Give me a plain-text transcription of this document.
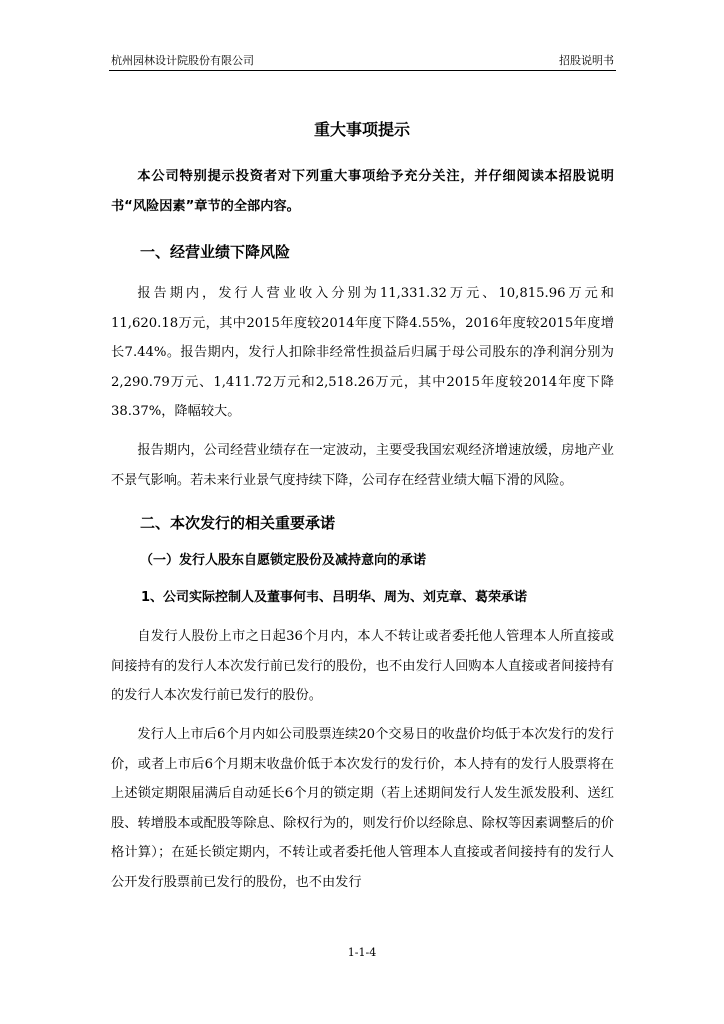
杭州园林设计院股份有限公司	招股说明书
重大事项提示

本公司特别提示投资者对下列重大事项给予充分关注，并仔细阅读本招股说明书“风险因素”章节的全部内容。

一、经营业绩下降风险

报告期内，发行人营业收入分别为11,331.32万元、10,815.96万元和11,620.18万元，其中2015年度较2014年度下降4.55%，2016年度较2015年度增长7.44%。报告期内，发行人扣除非经常性损益后归属于母公司股东的净利润分别为2,290.79万元、1,411.72万元和2,518.26万元，其中2015年度较2014年度下降38.37%，降幅较大。

报告期内，公司经营业绩存在一定波动，主要受我国宏观经济增速放缓，房地产业不景气影响。若未来行业景气度持续下降，公司存在经营业绩大幅下滑的风险。

二、本次发行的相关重要承诺

（一）发行人股东自愿锁定股份及减持意向的承诺

1、公司实际控制人及董事何韦、吕明华、周为、刘克章、葛荣承诺

自发行人股份上市之日起36个月内，本人不转让或者委托他人管理本人所直接或间接持有的发行人本次发行前已发行的股份，也不由发行人回购本人直接或者间接持有的发行人本次发行前已发行的股份。

发行人上市后6个月内如公司股票连续20个交易日的收盘价均低于本次发行的发行价，或者上市后6个月期末收盘价低于本次发行的发行价，本人持有的发行人股票将在上述锁定期限届满后自动延长6个月的锁定期（若上述期间发行人发生派发股利、送红股、转增股本或配股等除息、除权行为的，则发行价以经除息、除权等因素调整后的价格计算）；在延长锁定期内，不转让或者委托他人管理本人直接或者间接持有的发行人公开发行股票前已发行的股份，也不由发行

1-1-4
